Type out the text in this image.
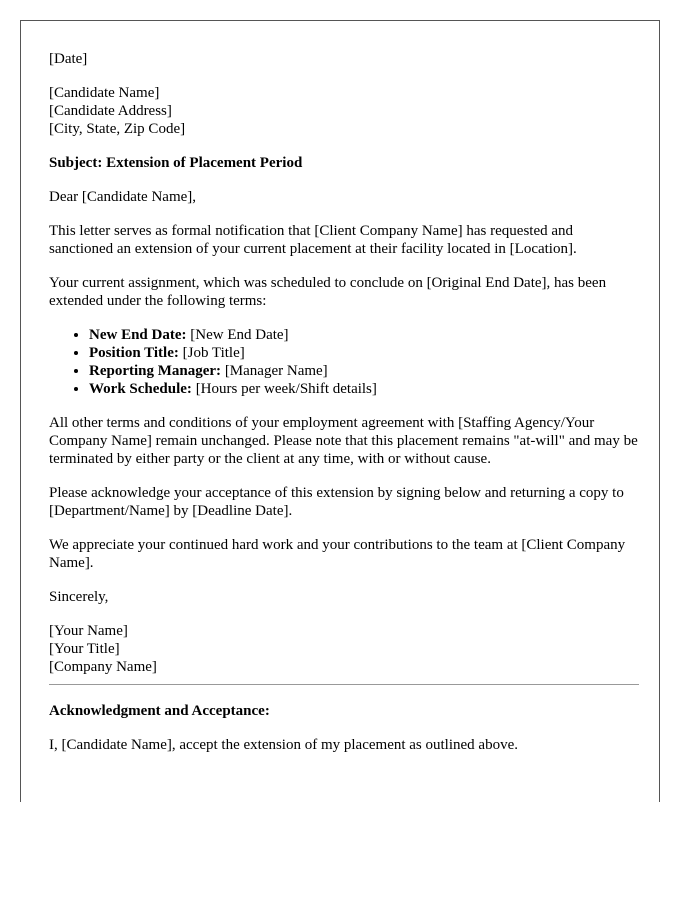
[Date]

[Candidate Name]
[Candidate Address]
[City, State, Zip Code]

Subject: Extension of Placement Period

Dear [Candidate Name],

This letter serves as formal notification that [Client Company Name] has requested and sanctioned an extension of your current placement at their facility located in [Location].

Your current assignment, which was scheduled to conclude on [Original End Date], has been extended under the following terms:

• New End Date: [New End Date]
• Position Title: [Job Title]
• Reporting Manager: [Manager Name]
• Work Schedule: [Hours per week/Shift details]

All other terms and conditions of your employment agreement with [Staffing Agency/Your Company Name] remain unchanged. Please note that this placement remains "at-will" and may be terminated by either party or the client at any time, with or without cause.

Please acknowledge your acceptance of this extension by signing below and returning a copy to [Department/Name] by [Deadline Date].

We appreciate your continued hard work and your contributions to the team at [Client Company Name].

Sincerely,

[Your Name]
[Your Title]
[Company Name]

Acknowledgment and Acceptance:

I, [Candidate Name], accept the extension of my placement as outlined above.
